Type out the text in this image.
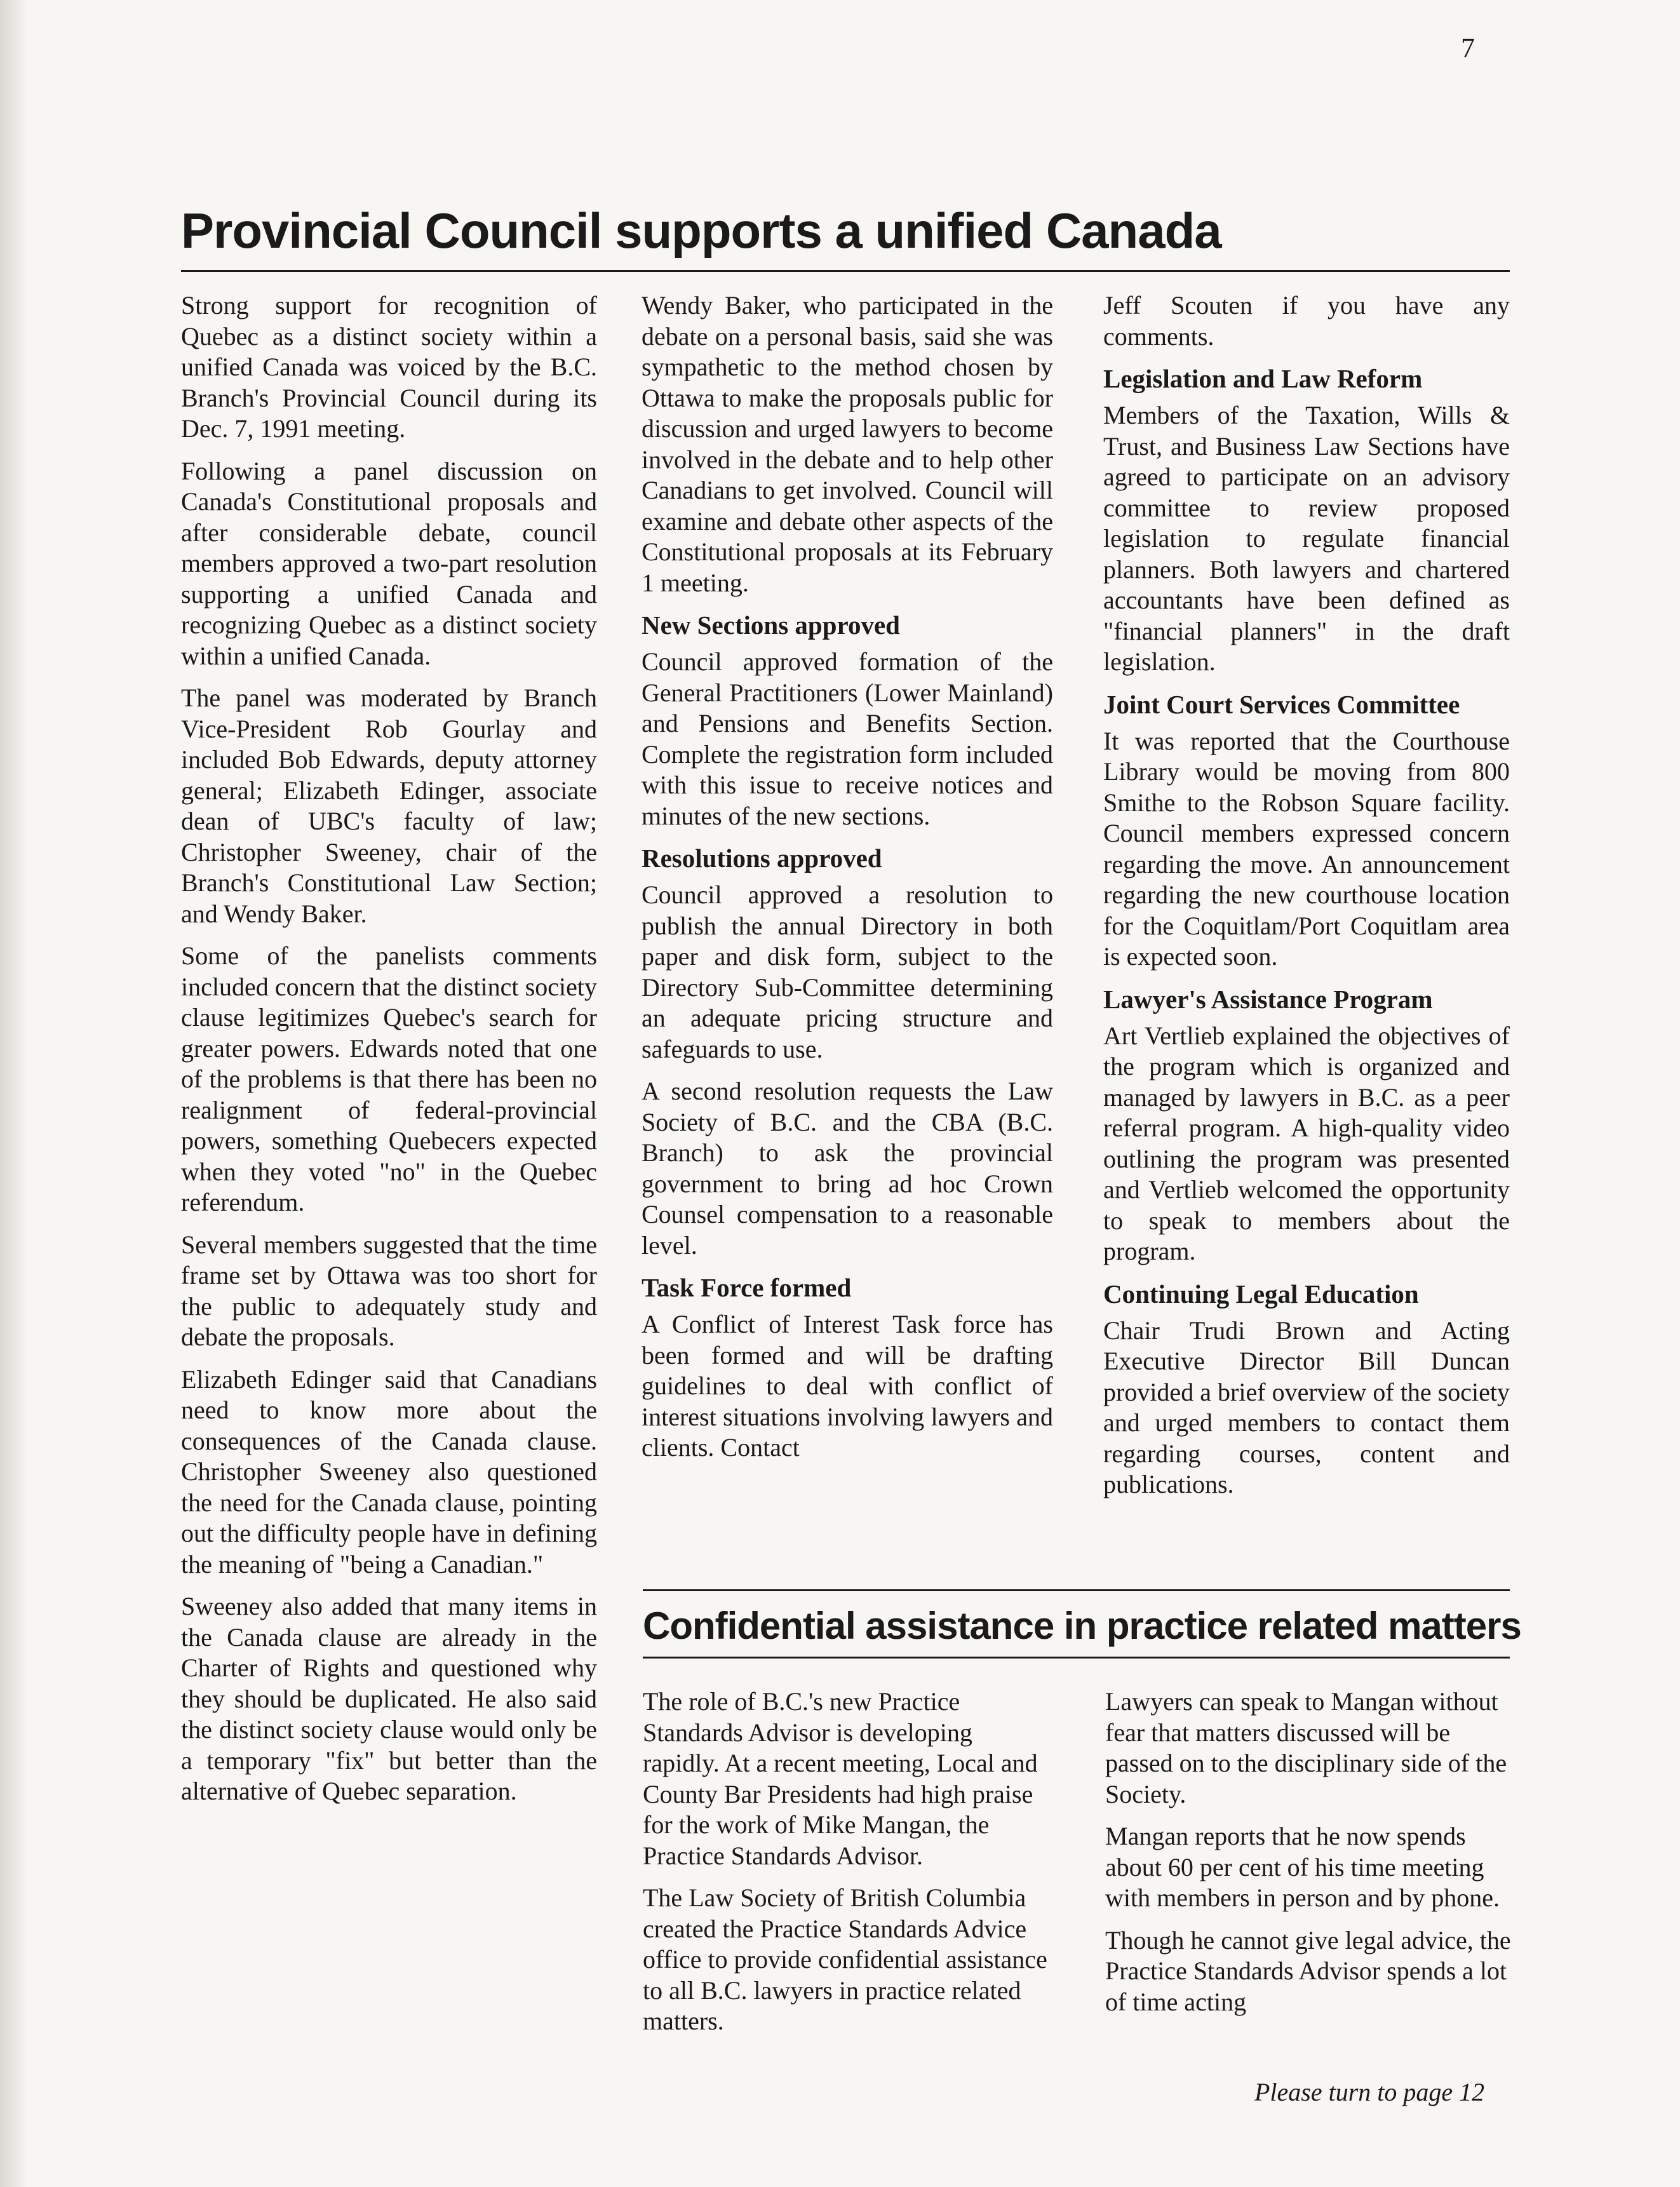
7
Provincial Council supports a unified Canada

Strong support for recognition of Quebec as a distinct society within a unified Canada was voiced by the B.C. Branch's Provincial Council during its Dec. 7, 1991 meeting.

Following a panel discussion on Canada's Constitutional proposals and after considerable debate, council members approved a two-part resolution supporting a unified Canada and recognizing Quebec as a distinct society within a unified Canada.

The panel was moderated by Branch Vice-President Rob Gourlay and included Bob Edwards, deputy attorney general; Elizabeth Edinger, associate dean of UBC's faculty of law; Christopher Sweeney, chair of the Branch's Constitutional Law Section; and Wendy Baker.

Some of the panelists comments included concern that the distinct society clause legitimizes Quebec's search for greater powers. Edwards noted that one of the problems is that there has been no realignment of federal-provincial powers, something Quebecers expected when they voted "no" in the Quebec referendum.

Several members suggested that the time frame set by Ottawa was too short for the public to adequately study and debate the proposals.

Elizabeth Edinger said that Canadians need to know more about the consequences of the Canada clause. Christopher Sweeney also questioned the need for the Canada clause, pointing out the difficulty people have in defining the meaning of "being a Canadian."

Sweeney also added that many items in the Canada clause are already in the Charter of Rights and questioned why they should be duplicated. He also said the distinct society clause would only be a temporary "fix" but better than the alternative of Quebec separation.

Wendy Baker, who participated in the debate on a personal basis, said she was sympathetic to the method chosen by Ottawa to make the proposals public for discussion and urged lawyers to become involved in the debate and to help other Canadians to get involved. Council will examine and debate other aspects of the Constitutional proposals at its February 1 meeting.

New Sections approved

Council approved formation of the General Practitioners (Lower Mainland) and Pensions and Benefits Section. Complete the registration form included with this issue to receive notices and minutes of the new sections.

Resolutions approved

Council approved a resolution to publish the annual Directory in both paper and disk form, subject to the Directory Sub-Committee determining an adequate pricing structure and safeguards to use.

A second resolution requests the Law Society of B.C. and the CBA (B.C. Branch) to ask the provincial government to bring ad hoc Crown Counsel compensation to a reasonable level.

Task Force formed

A Conflict of Interest Task force has been formed and will be drafting guidelines to deal with conflict of interest situations involving lawyers and clients. Contact

Jeff Scouten if you have any comments.

Legislation and Law Reform

Members of the Taxation, Wills & Trust, and Business Law Sections have agreed to participate on an advisory committee to review proposed legislation to regulate financial planners. Both lawyers and chartered accountants have been defined as "financial planners" in the draft legislation.

Joint Court Services Committee

It was reported that the Courthouse Library would be moving from 800 Smithe to the Robson Square facility. Council members expressed concern regarding the move. An announcement regarding the new courthouse location for the Coquitlam/Port Coquitlam area is expected soon.

Lawyer's Assistance Program

Art Vertlieb explained the objectives of the program which is organized and managed by lawyers in B.C. as a peer referral program. A high-quality video outlining the program was presented and Vertlieb welcomed the opportunity to speak to members about the program.

Continuing Legal Education

Chair Trudi Brown and Acting Executive Director Bill Duncan provided a brief overview of the society and urged members to contact them regarding courses, content and publications.

Confidential assistance in practice related matters

The role of B.C.'s new Practice Standards Advisor is developing rapidly. At a recent meeting, Local and County Bar Presidents had high praise for the work of Mike Mangan, the Practice Standards Advisor.

The Law Society of British Columbia created the Practice Standards Advice office to provide confidential assistance to all B.C. lawyers in practice related matters.

Lawyers can speak to Mangan without fear that matters discussed will be passed on to the disciplinary side of the Society.

Mangan reports that he now spends about 60 per cent of his time meeting with members in person and by phone.

Though he cannot give legal advice, the Practice Standards Advisor spends a lot of time acting

Please turn to page 12
